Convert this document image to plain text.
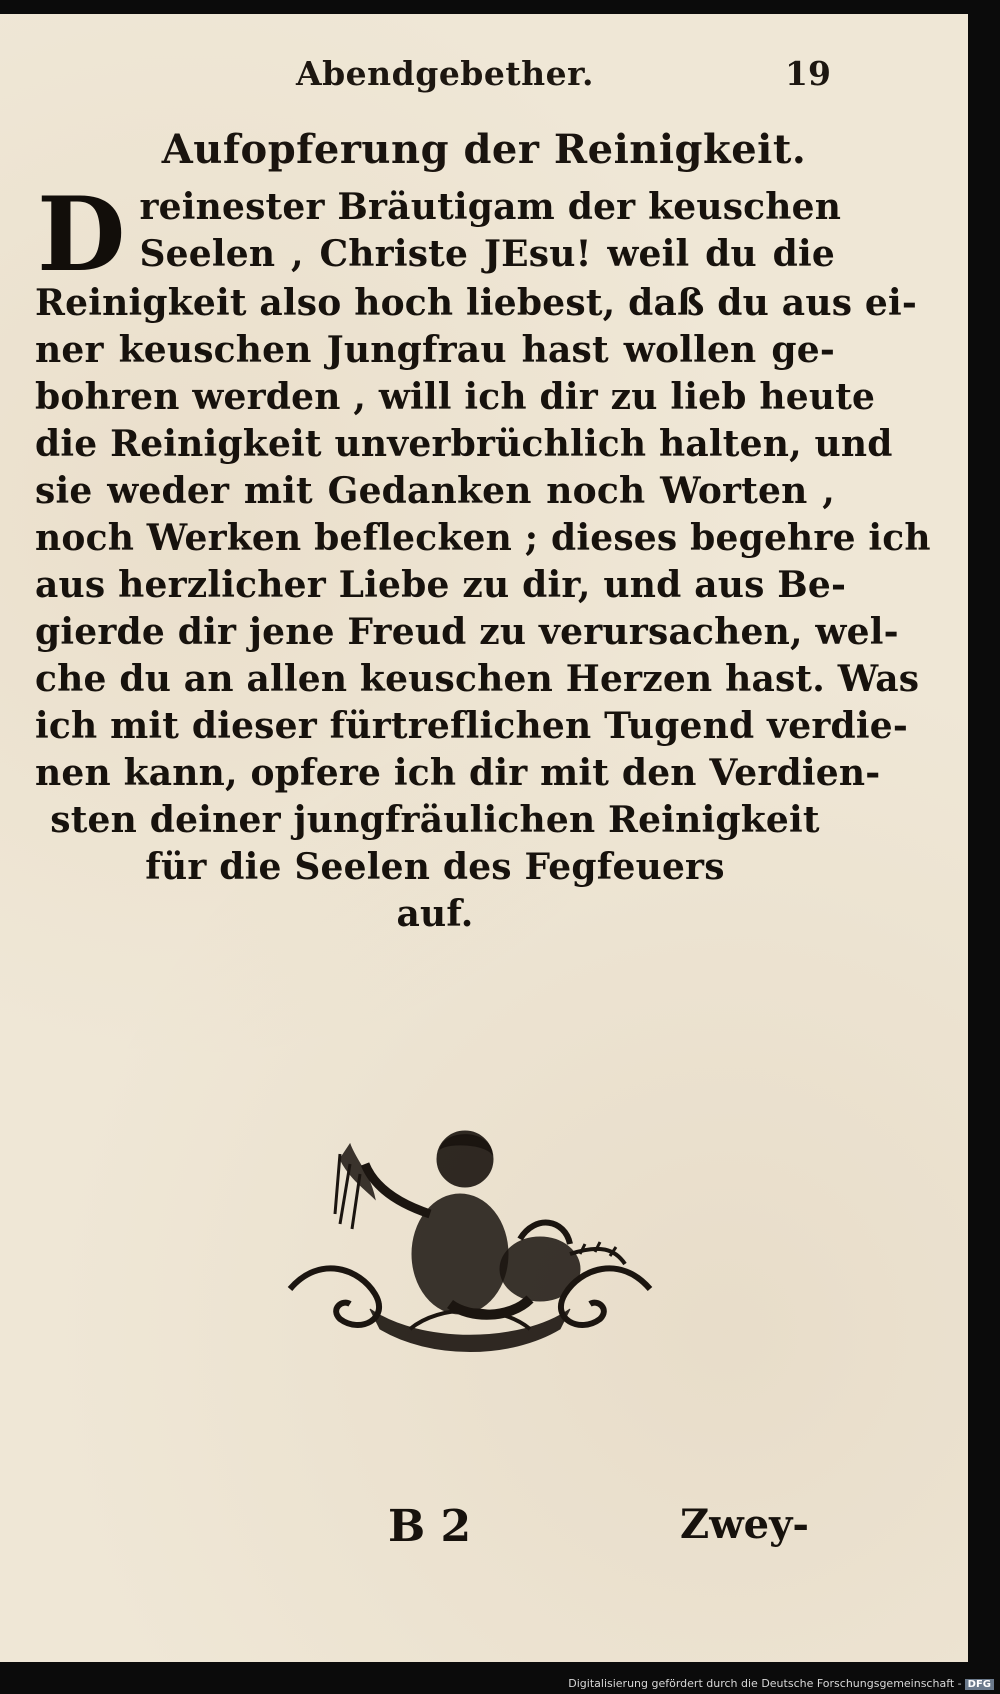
Abendgebether.	19
Aufopferung der Reinigkeit.
D reinester Bräutigam der keuschen
Seelen , Christe JEsu! weil du die
Reinigkeit also hoch liebest, daß du aus ei-
ner keuschen Jungfrau hast wollen ge-
bohren werden , will ich dir zu lieb heute
die Reinigkeit unverbrüchlich halten, und
sie weder mit Gedanken noch Worten ,
noch Werken beflecken ; dieses begehre ich
aus herzlicher Liebe zu dir, und aus Be-
gierde dir jene Freud zu verursachen, wel-
che du an allen keuschen Herzen hast. Was
ich mit dieser fürtreflichen Tugend verdie-
nen kann, opfere ich dir mit den Verdien-
sten deiner jungfräulichen Reinigkeit
für die Seelen des Fegfeuers
auf.
B 2	Zwey-
Digitalisierung gefördert durch die Deutsche Forschungsgemeinschaft - DFG
